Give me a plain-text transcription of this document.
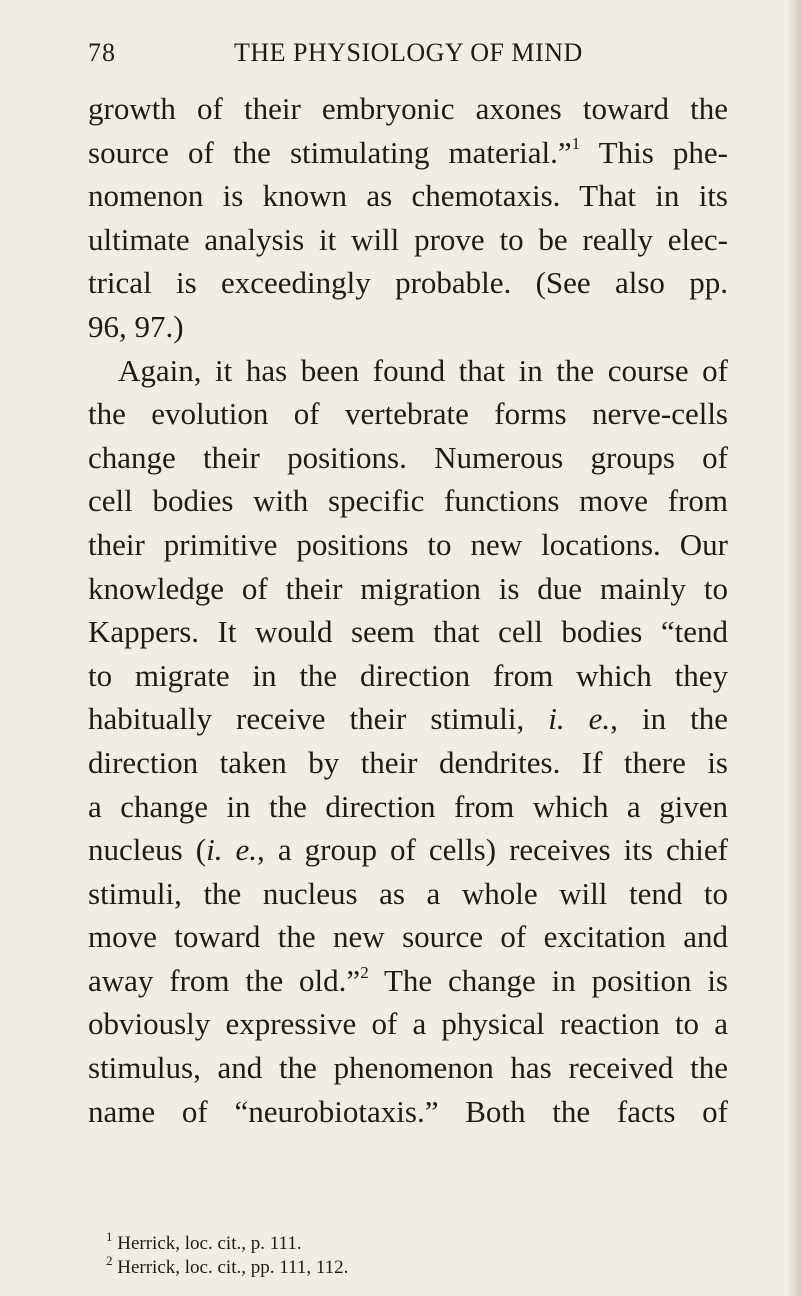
78	THE PHYSIOLOGY OF MIND
growth of their embryonic axones toward the
source of the stimulating material.”$^1$ This phe-
nomenon is known as chemotaxis. That in its
ultimate analysis it will prove to be really elec-
trical is exceedingly probable. (See also pp.
96, 97.)
Again, it has been found that in the course of
the evolution of vertebrate forms nerve-cells
change their positions. Numerous groups of
cell bodies with specific functions move from
their primitive positions to new locations. Our
knowledge of their migration is due mainly to
Kappers. It would seem that cell bodies “tend
to migrate in the direction from which they
habitually receive their stimuli, i. e., in the
direction taken by their dendrites. If there is
a change in the direction from which a given
nucleus (i. e., a group of cells) receives its chief
stimuli, the nucleus as a whole will tend to
move toward the new source of excitation and
away from the old.”$^2$ The change in position is
obviously expressive of a physical reaction to a
stimulus, and the phenomenon has received the
name of “neurobiotaxis.” Both the facts of
$^1$ Herrick, loc. cit., p. 111.
$^2$ Herrick, loc. cit., pp. 111, 112.
